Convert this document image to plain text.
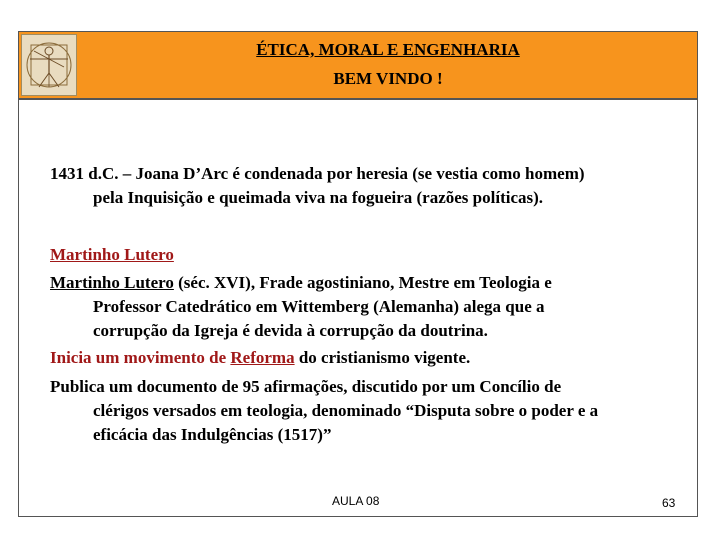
ÉTICA, MORAL E ENGENHARIA
BEM VINDO !
1431 d.C. – Joana D’Arc é condenada por heresia (se vestia como homem)
pela Inquisição e queimada viva na fogueira (razões políticas).
Martinho Lutero
Martinho Lutero (séc. XVI), Frade agostiniano, Mestre em Teologia e
Professor Catedrático em Wittemberg (Alemanha) alega que a
corrupção da Igreja é devida à corrupção da doutrina.
Inicia um movimento de Reforma do cristianismo vigente.
Publica um documento de 95 afirmações, discutido por um Concílio de
clérigos versados em teologia, denominado “Disputa sobre o poder e a
eficácia das Indulgências (1517)”
AULA 08	63
